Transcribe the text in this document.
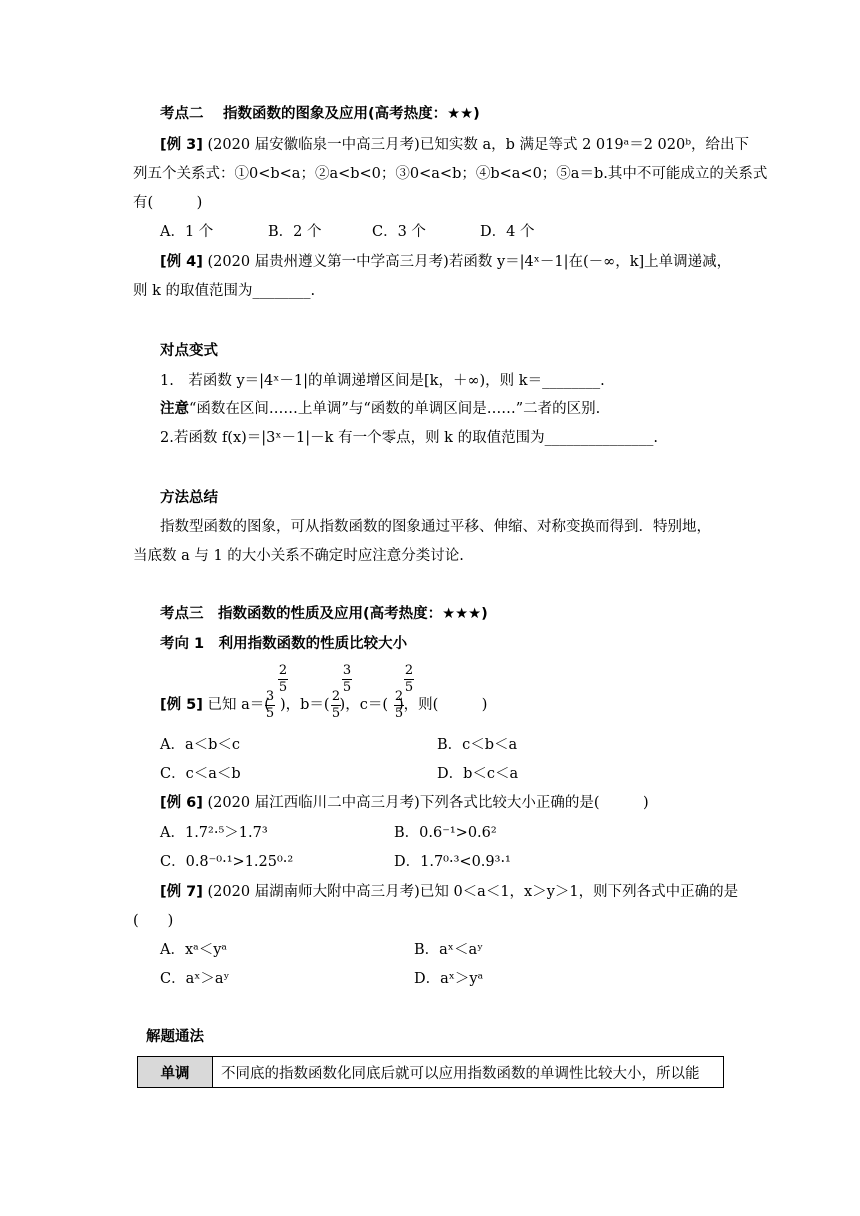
考点二　 指数函数的图象及应用(高考热度：★★)
[例 3] (2020 届安徽临泉一中高三月考)已知实数 a，b 满足等式 2 019ᵃ＝2 020ᵇ，给出下
列五个关系式：①0<b<a；②a<b<0；③0<a<b；④b<a<0；⑤a＝b.其中不可能成立的关系式
有(　　　)
A．1 个	B．2 个	C．3 个	D．4 个
[例 4] (2020 届贵州遵义第一中学高三月考)若函数 y＝|4ˣ－1|在(－∞，k]上单调递减，
则 k 的取值范围为________.
对点变式
1.　若函数 y＝|4ˣ－1|的单调递增区间是[k，＋∞)，则 k＝________.
注意“函数在区间……上单调”与“函数的单调区间是……”二者的区别.
2.若函数 f(x)＝|3ˣ－1|－k 有一个零点，则 k 的取值范围为_______________.
方法总结
指数型函数的图象，可从指数函数的图象通过平移、伸缩、对称变换而得到．特别地，
当底数 a 与 1 的大小关系不确定时应注意分类讨论.
考点三　指数函数的性质及应用(高考热度：★★★)
考向 1　利用指数函数的性质比较大小
[例 5] 已知 a＝( )，b＝( )，c＝( )，则(　　　)
3
5
2
5
2
5
3
5
2
5
2
5
A．a＜b＜c	B．c＜b＜a
C．c＜a＜b	D．b＜c＜a
[例 6] (2020 届江西临川二中高三月考)下列各式比较大小正确的是(　　　)
A．1.7²·⁵＞1.7³	B．0.6⁻¹>0.6²
C．0.8⁻⁰·¹>1.25⁰·²	D．1.7⁰·³<0.9³·¹
[例 7] (2020 届湖南师大附中高三月考)已知 0＜a＜1，x＞y＞1，则下列各式中正确的是
(　　)
A．xᵃ＜yᵃ	B．aˣ＜aʸ
C．aˣ＞aʸ	D．aˣ＞yᵃ
解题通法
单调	不同底的指数函数化同底后就可以应用指数函数的单调性比较大小，所以能
